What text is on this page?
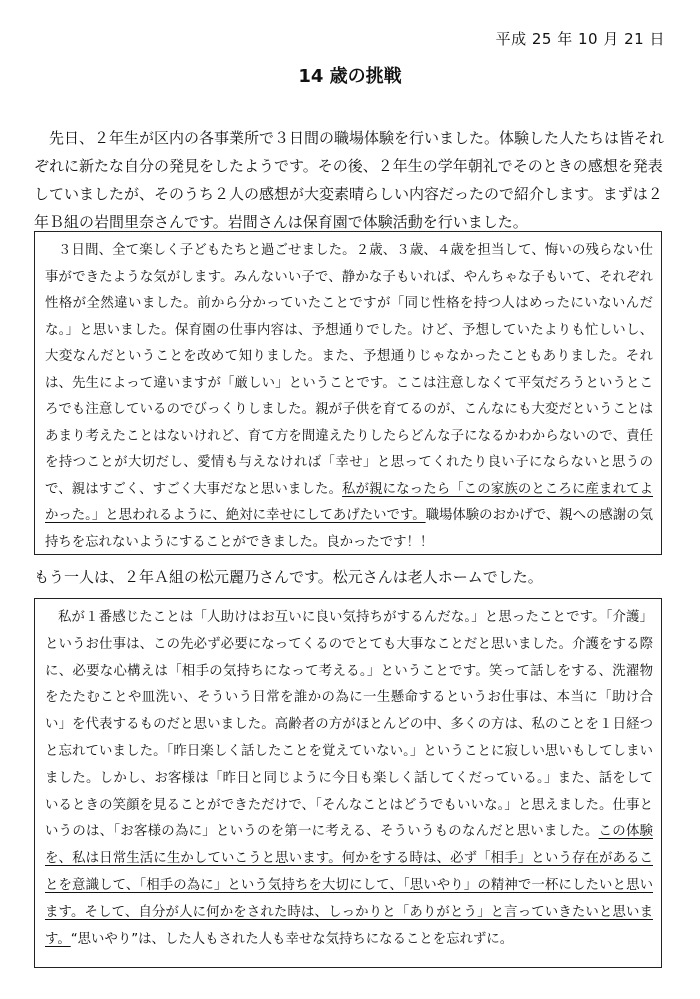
平成 25 年 10 月 21 日
14 歳の挑戦

先日、２年生が区内の各事業所で３日間の職場体験を行いました。体験した人たちは皆それぞれに新たな自分の発見をしたようです。その後、２年生の学年朝礼でそのときの感想を発表していましたが、そのうち２人の感想が大変素晴らしい内容だったので紹介します。まずは２年Ｂ組の岩間里奈さんです。岩間さんは保育園で体験活動を行いました。

３日間、全て楽しく子どもたちと過ごせました。２歳、３歳、４歳を担当して、悔いの残らない仕事ができたような気がします。みんないい子で、静かな子もいれば、やんちゃな子もいて、それぞれ性格が全然違いました。前から分かっていたことですが「同じ性格を持つ人はめったにいないんだな。」と思いました。保育園の仕事内容は、予想通りでした。けど、予想していたよりも忙しいし、大変なんだということを改めて知りました。また、予想通りじゃなかったこともありました。それは、先生によって違いますが「厳しい」ということです。ここは注意しなくて平気だろうというところでも注意しているのでびっくりしました。親が子供を育てるのが、こんなにも大変だということはあまり考えたことはないけれど、育て方を間違えたりしたらどんな子になるかわからないので、責任を持つことが大切だし、愛情も与えなければ「幸せ」と思ってくれたり良い子にならないと思うので、親はすごく、すごく大事だなと思いました。私が親になったら「この家族のところに産まれてよかった。」と思われるように、絶対に幸せにしてあげたいです。職場体験のおかげで、親への感謝の気持ちを忘れないようにすることができました。良かったです！！

もう一人は、２年Ａ組の松元麗乃さんです。松元さんは老人ホームでした。

私が１番感じたことは「人助けはお互いに良い気持ちがするんだな。」と思ったことです。「介護」というお仕事は、この先必ず必要になってくるのでとても大事なことだと思いました。介護をする際に、必要な心構えは「相手の気持ちになって考える。」ということです。笑って話しをする、洗濯物をたたむことや皿洗い、そういう日常を誰かの為に一生懸命するというお仕事は、本当に「助け合い」を代表するものだと思いました。高齢者の方がほとんどの中、多くの方は、私のことを１日経つと忘れていました。「昨日楽しく話したことを覚えていない。」ということに寂しい思いもしてしまいました。しかし、お客様は「昨日と同じように今日も楽しく話してくだっている。」また、話をしているときの笑顔を見ることができただけで、「そんなことはどうでもいいな。」と思えました。仕事というのは、「お客様の為に」というのを第一に考える、そういうものなんだと思いました。この体験を、私は日常生活に生かしていこうと思います。何かをする時は、必ず「相手」という存在があることを意識して、「相手の為に」という気持ちを大切にして、「思いやり」の精神で一杯にしたいと思います。そして、自分が人に何かをされた時は、しっかりと「ありがとう」と言っていきたいと思います。“思いやり”は、した人もされた人も幸せな気持ちになることを忘れずに。
